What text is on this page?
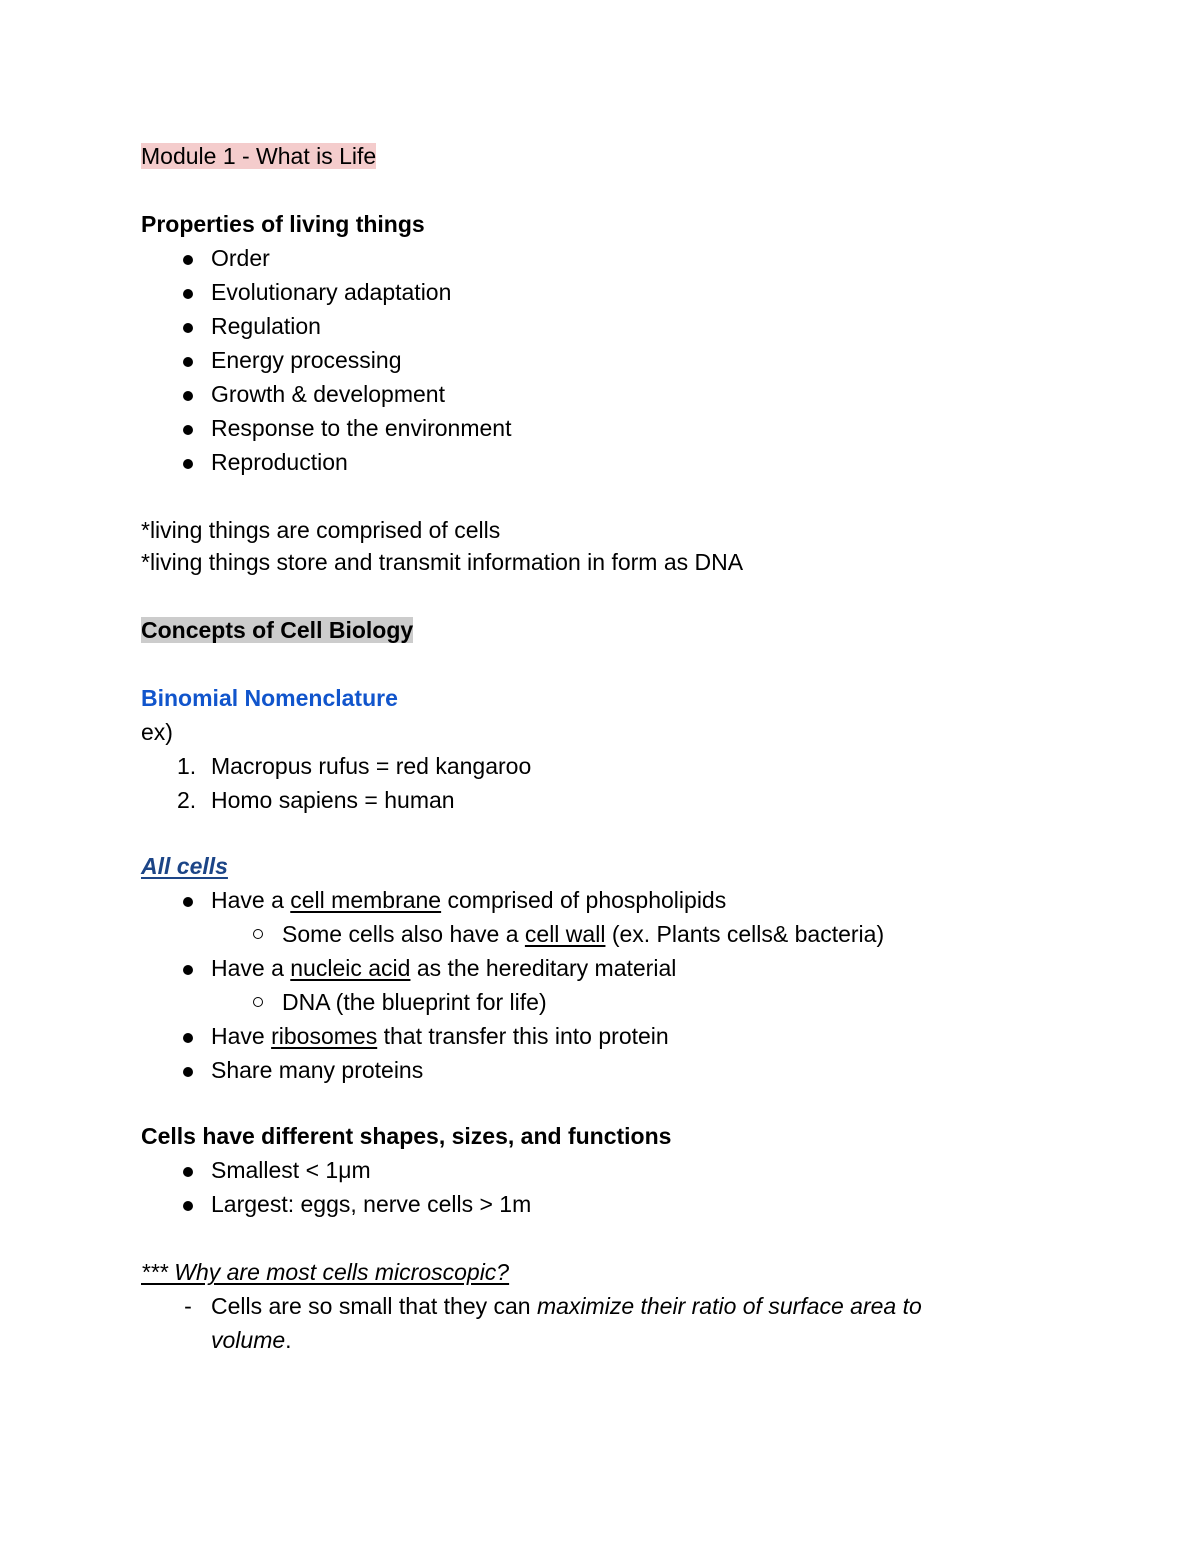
Module 1 - What is Life
Properties of living things
Order
Evolutionary adaptation
Regulation
Energy processing
Growth & development
Response to the environment
Reproduction
*living things are comprised of cells
*living things store and transmit information in form as DNA
Concepts of Cell Biology
Binomial Nomenclature
ex)
1. Macropus rufus = red kangaroo
2. Homo sapiens = human
All cells
Have a cell membrane comprised of phospholipids
Some cells also have a cell wall (ex. Plants cells& bacteria)
Have a nucleic acid as the hereditary material
DNA (the blueprint for life)
Have ribosomes that transfer this into protein
Share many proteins
Cells have different shapes, sizes, and functions
Smallest < 1μm
Largest: eggs, nerve cells > 1m
*** Why are most cells microscopic?
- Cells are so small that they can maximize their ratio of surface area to
volume.
